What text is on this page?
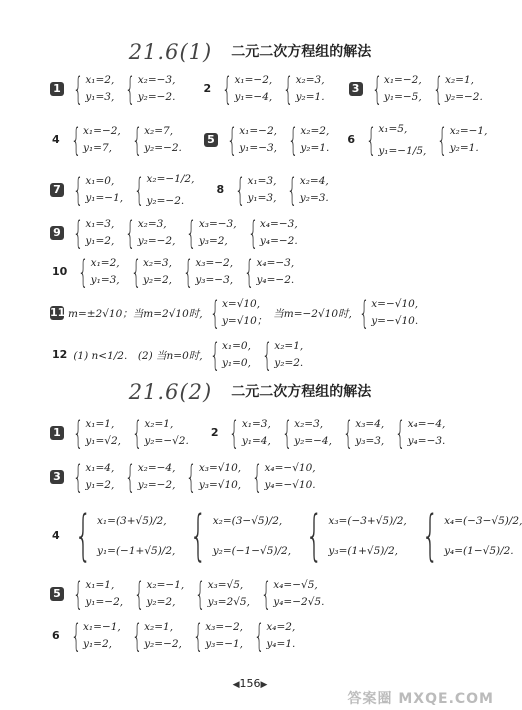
21.6(1) 二元二次方程组的解法
1 { x₁=2,
y₁=3, { x₂=−3,
y₂=−2.
2 { x₁=−2,
y₁=−4, { x₂=3,
y₂=1.
3 { x₁=−2,
y₁=−5, { x₂=1,
y₂=−2.
4 { x₁=−2,
y₁=7, { x₂=7,
y₂=−2.
5 { x₁=−2,
y₁=−3, { x₂=2,
y₂=1.
6 { x₁=5,
y₁=−1/5, { x₂=−1,
y₂=1.
7 { x₁=0,
y₁=−1, { x₂=−1/2,
y₂=−2.
8 { x₁=3,
y₁=3, { x₂=4,
y₂=3.
9 { x₁=3,
y₁=2, { x₂=3,
y₂=−2, { x₃=−3,
y₃=2, { x₄=−3,
y₄=−2.
10 { x₁=2,
y₁=3, { x₂=3,
y₂=2, { x₃=−2,
y₃=−3, { x₄=−3,
y₄=−2.
11 m=±2√10；当m=2√10时, { x=√10,
y=√10；
当m=−2√10时, { x=−√10,
y=−√10.
12 (1) n<1/2.　(2) 当n=0时, { x₁=0,
y₁=0, { x₂=1,
y₂=2.
21.6(2) 二元二次方程组的解法
1 { x₁=1,
y₁=√2, { x₂=1,
y₂=−√2.
2 { x₁=3,
y₁=4, { x₂=3,
y₂=−4, { x₃=4,
y₃=3, { x₄=−4,
y₄=−3.
3 { x₁=4,
y₁=2, { x₂=−4,
y₂=−2, { x₃=√10,
y₃=√10, { x₄=−√10,
y₄=−√10.
4 { x₁=(3+√5)/2,
y₁=(−1+√5)/2, { x₂=(3−√5)/2,
y₂=(−1−√5)/2, { x₃=(−3+√5)/2,
y₃=(1+√5)/2, { x₄=(−3−√5)/2,
y₄=(1−√5)/2.
5 { x₁=1,
y₁=−2, { x₂=−1,
y₂=2, { x₃=√5,
y₃=2√5, { x₄=−√5,
y₄=−2√5.
6 { x₁=−1,
y₁=2, { x₂=1,
y₂=−2, { x₃=−2,
y₃=−1, { x₄=2,
y₄=1.
◀156▶
答案圈 MXQE.COM
